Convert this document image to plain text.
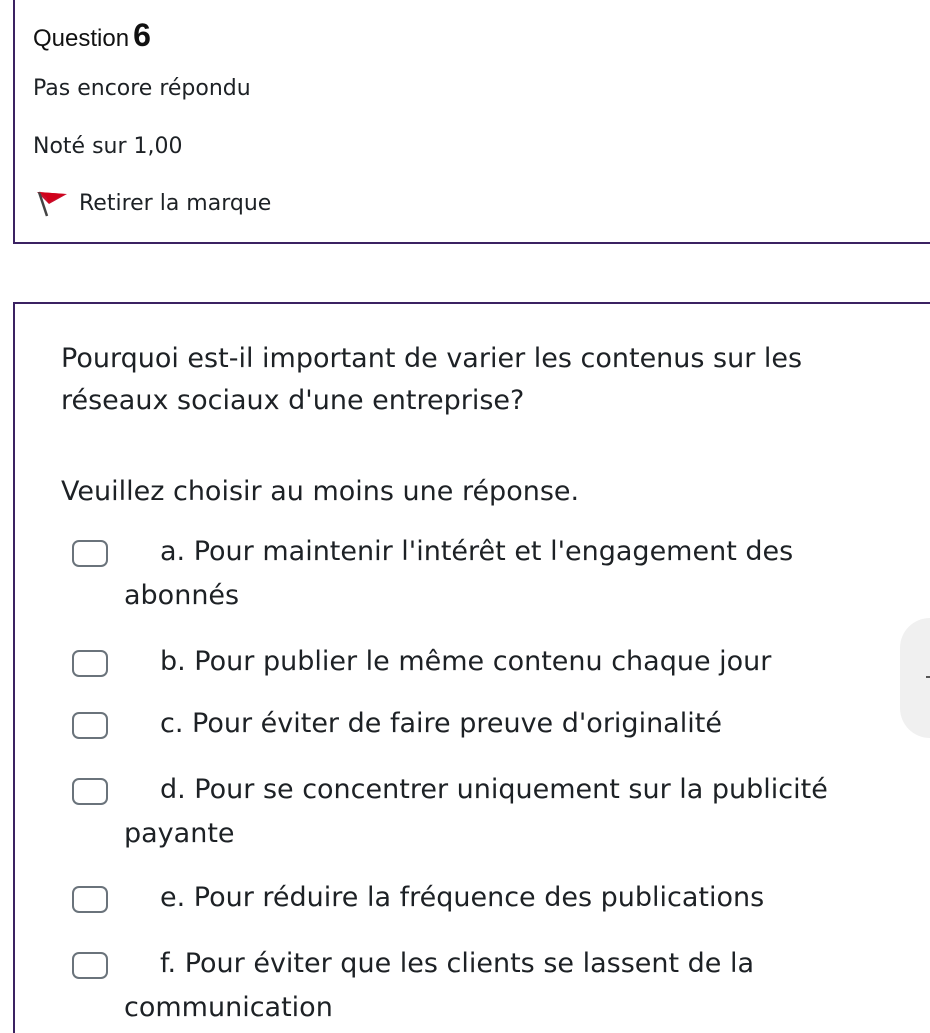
Question 6
Pas encore répondu
Noté sur 1,00
Retirer la marque
Pourquoi est-il important de varier les contenus sur les réseaux sociaux d'une entreprise?
Veuillez choisir au moins une réponse.
a. Pour maintenir l'intérêt et l'engagement des
abonnés
b. Pour publier le même contenu chaque jour
c. Pour éviter de faire preuve d'originalité
d. Pour se concentrer uniquement sur la publicité
payante
e. Pour réduire la fréquence des publications
f. Pour éviter que les clients se lassent de la
communication
